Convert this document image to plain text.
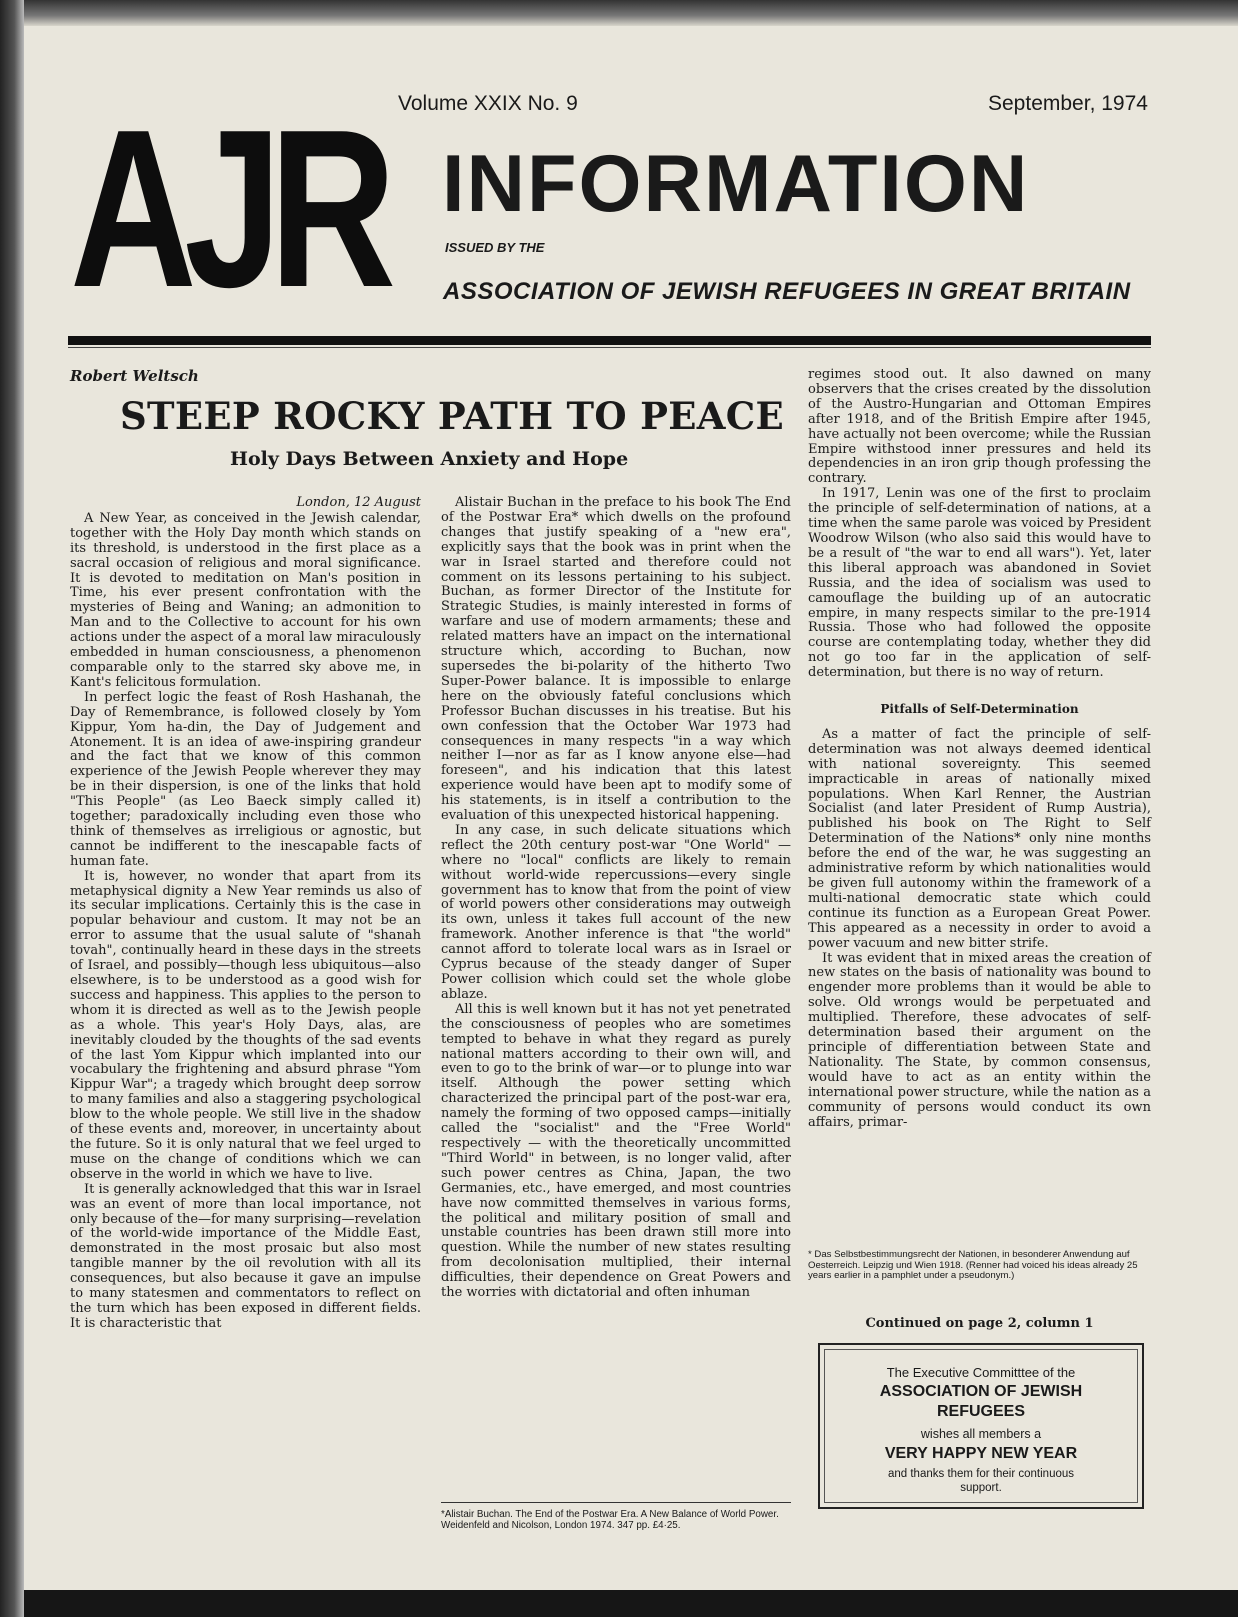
AJR Volume XXIX No. 9	September, 1974
INFORMATION
ISSUED BY THE
ASSOCIATION OF JEWISH REFUGEES IN GREAT BRITAIN
Robert Weltsch
STEEP ROCKY PATH TO PEACE
Holy Days Between Anxiety and Hope
London, 12 August

A New Year, as conceived in the Jewish calendar, together with the Holy Day month which stands on its threshold, is understood in the first place as a sacral occasion of religious and moral significance. It is devoted to meditation on Man's position in Time, his ever present confrontation with the mysteries of Being and Waning; an admonition to Man and to the Collective to account for his own actions under the aspect of a moral law miraculously embedded in human consciousness, a phenomenon comparable only to the starred sky above me, in Kant's felicitous formulation.

In perfect logic the feast of Rosh Hashanah, the Day of Remembrance, is followed closely by Yom Kippur, Yom ha-din, the Day of Judgement and Atonement. It is an idea of awe-inspiring grandeur and the fact that we know of this common experience of the Jewish People wherever they may be in their dispersion, is one of the links that hold "This People" (as Leo Baeck simply called it) together; paradoxically including even those who think of themselves as irreligious or agnostic, but cannot be indifferent to the inescapable facts of human fate.

It is, however, no wonder that apart from its metaphysical dignity a New Year reminds us also of its secular implications. Certainly this is the case in popular behaviour and custom. It may not be an error to assume that the usual salute of "shanah tovah", continually heard in these days in the streets of Israel, and possibly—though less ubiquitous—also elsewhere, is to be understood as a good wish for success and happiness. This applies to the person to whom it is directed as well as to the Jewish people as a whole. This year's Holy Days, alas, are inevitably clouded by the thoughts of the sad events of the last Yom Kippur which implanted into our vocabulary the frightening and absurd phrase "Yom Kippur War"; a tragedy which brought deep sorrow to many families and also a staggering psychological blow to the whole people. We still live in the shadow of these events and, moreover, in uncertainty about the future. So it is only natural that we feel urged to muse on the change of conditions which we can observe in the world in which we have to live.

It is generally acknowledged that this war in Israel was an event of more than local importance, not only because of the—for many surprising—revelation of the world-wide importance of the Middle East, demonstrated in the most prosaic but also most tangible manner by the oil revolution with all its consequences, but also because it gave an impulse to many statesmen and commentators to reflect on the turn which has been exposed in different fields. It is characteristic that

Alistair Buchan in the preface to his book The End of the Postwar Era* which dwells on the profound changes that justify speaking of a "new era", explicitly says that the book was in print when the war in Israel started and therefore could not comment on its lessons pertaining to his subject. Buchan, as former Director of the Institute for Strategic Studies, is mainly interested in forms of warfare and use of modern armaments; these and related matters have an impact on the international structure which, according to Buchan, now supersedes the bi-polarity of the hitherto Two Super-Power balance. It is impossible to enlarge here on the obviously fateful conclusions which Professor Buchan discusses in his treatise. But his own confession that the October War 1973 had consequences in many respects "in a way which neither I—nor as far as I know anyone else—had foreseen", and his indication that this latest experience would have been apt to modify some of his statements, is in itself a contribution to the evaluation of this unexpected historical happening.

In any case, in such delicate situations which reflect the 20th century post-war "One World" —where no "local" conflicts are likely to remain without world-wide repercussions—every single government has to know that from the point of view of world powers other considerations may outweigh its own, unless it takes full account of the new framework. Another inference is that "the world" cannot afford to tolerate local wars as in Israel or Cyprus because of the steady danger of Super Power collision which could set the whole globe ablaze.

All this is well known but it has not yet penetrated the consciousness of peoples who are sometimes tempted to behave in what they regard as purely national matters according to their own will, and even to go to the brink of war—or to plunge into war itself. Although the power setting which characterized the principal part of the post-war era, namely the forming of two opposed camps—initially called the "socialist" and the "Free World" respectively — with the theoretically uncommitted "Third World" in between, is no longer valid, after such power centres as China, Japan, the two Germanies, etc., have emerged, and most countries have now committed themselves in various forms, the political and military position of small and unstable countries has been drawn still more into question. While the number of new states resulting from decolonisation multiplied, their internal difficulties, their dependence on Great Powers and the worries with dictatorial and often inhuman

*Alistair Buchan. The End of the Postwar Era. A New Balance of World Power. Weidenfeld and Nicolson, London 1974. 347 pp. £4·25.

regimes stood out. It also dawned on many observers that the crises created by the dissolution of the Austro-Hungarian and Ottoman Empires after 1918, and of the British Empire after 1945, have actually not been overcome; while the Russian Empire withstood inner pressures and held its dependencies in an iron grip though professing the contrary.

In 1917, Lenin was one of the first to proclaim the principle of self-determination of nations, at a time when the same parole was voiced by President Woodrow Wilson (who also said this would have to be a result of "the war to end all wars"). Yet, later this liberal approach was abandoned in Soviet Russia, and the idea of socialism was used to camouflage the building up of an autocratic empire, in many respects similar to the pre-1914 Russia. Those who had followed the opposite course are contemplating today, whether they did not go too far in the application of self-determination, but there is no way of return.

Pitfalls of Self-Determination

As a matter of fact the principle of self-determination was not always deemed identical with national sovereignty. This seemed impracticable in areas of nationally mixed populations. When Karl Renner, the Austrian Socialist (and later President of Rump Austria), published his book on The Right to Self Determination of the Nations* only nine months before the end of the war, he was suggesting an administrative reform by which nationalities would be given full autonomy within the framework of a multi-national democratic state which could continue its function as a European Great Power. This appeared as a necessity in order to avoid a power vacuum and new bitter strife.

It was evident that in mixed areas the creation of new states on the basis of nationality was bound to engender more problems than it would be able to solve. Old wrongs would be perpetuated and multiplied. Therefore, these advocates of self-determination based their argument on the principle of differentiation between State and Nationality. The State, by common consensus, would have to act as an entity within the international power structure, while the nation as a community of persons would conduct its own affairs, primar-

* Das Selbstbestimmungsrecht der Nationen, in besonderer Anwendung auf Oesterreich. Leipzig und Wien 1918. (Renner had voiced his ideas already 25 years earlier in a pamphlet under a pseudonym.)
Continued on page 2, column 1
The Executive Committtee of the
ASSOCIATION OF JEWISH
REFUGEES
wishes all members a
VERY HAPPY NEW YEAR
and thanks them for their continuous support.
